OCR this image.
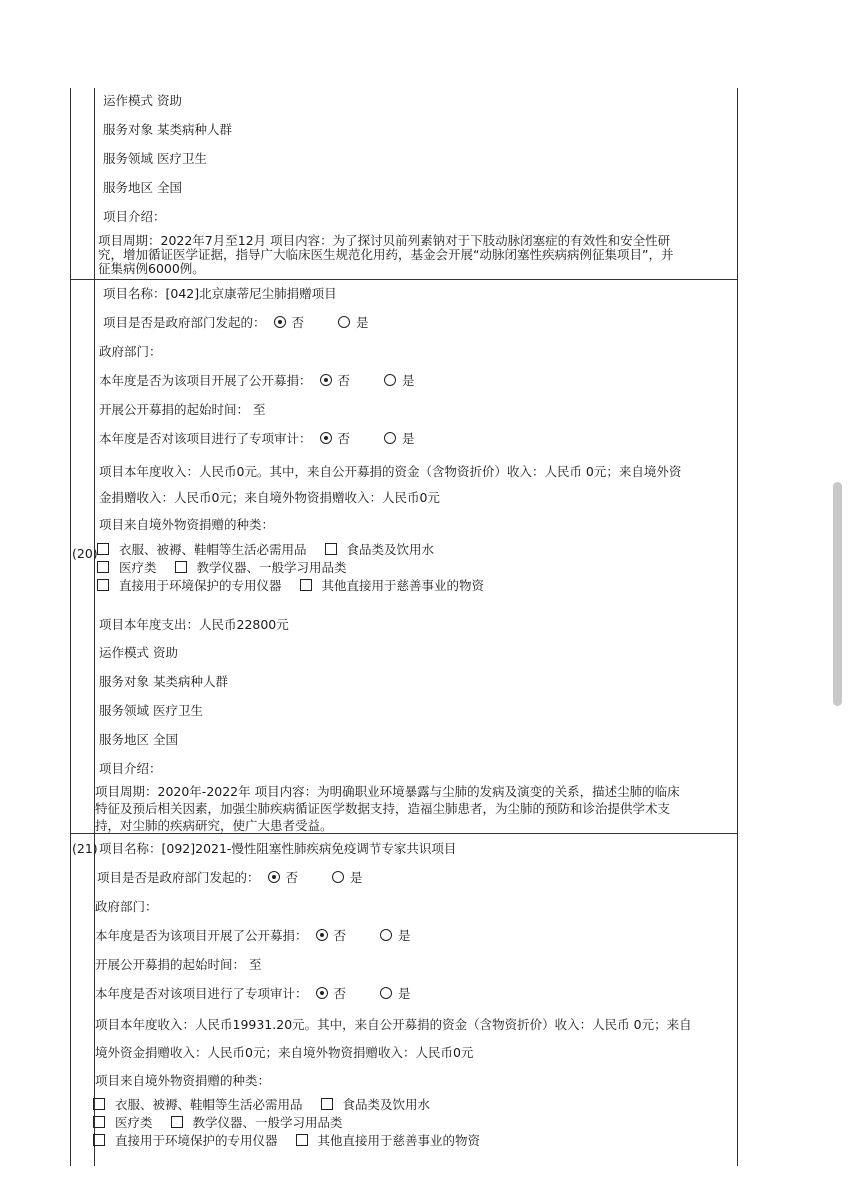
运作模式 资助
服务对象 某类病种人群
服务领域 医疗卫生
服务地区 全国
项目介绍：
项目周期：2022年7月至12月 项目内容：为了探讨贝前列素钠对于下肢动脉闭塞症的有效性和安全性研
究，增加循证医学证据，指导广大临床医生规范化用药，基金会开展“动脉闭塞性疾病病例征集项目”，并
征集病例6000例。
(20)
项目名称：[042]北京康蒂尼尘肺捐赠项目
项目是否是政府部门发起的： 否	是
政府部门：
本年度是否为该项目开展了公开募捐： 否	是
开展公开募捐的起始时间： 至
本年度是否对该项目进行了专项审计： 否	是
项目本年度收入：人民币0元。其中，来自公开募捐的资金（含物资折价）收入：人民币 0元；来自境外资
金捐赠收入：人民币0元；来自境外物资捐赠收入：人民币0元
项目来自境外物资捐赠的种类：
衣服、被褥、鞋帽等生活必需用品	食品类及饮用水
医疗类	教学仪器、一般学习用品类
直接用于环境保护的专用仪器	其他直接用于慈善事业的物资
项目本年度支出：人民币22800元
运作模式 资助
服务对象 某类病种人群
服务领域 医疗卫生
服务地区 全国
项目介绍：
项目周期：2020年-2022年 项目内容：为明确职业环境暴露与尘肺的发病及演变的关系，描述尘肺的临床
特征及预后相关因素，加强尘肺疾病循证医学数据支持，造福尘肺患者，为尘肺的预防和诊治提供学术支
持，对尘肺的疾病研究，使广大患者受益。
(21) 项目名称：[092]2021-慢性阻塞性肺疾病免疫调节专家共识项目
项目是否是政府部门发起的： 否	是
政府部门：
本年度是否为该项目开展了公开募捐： 否	是
开展公开募捐的起始时间： 至
本年度是否对该项目进行了专项审计： 否	是
项目本年度收入：人民币19931.20元。其中，来自公开募捐的资金（含物资折价）收入：人民币 0元；来自
境外资金捐赠收入：人民币0元；来自境外物资捐赠收入：人民币0元
项目来自境外物资捐赠的种类：
衣服、被褥、鞋帽等生活必需用品	食品类及饮用水
医疗类	教学仪器、一般学习用品类
直接用于环境保护的专用仪器	其他直接用于慈善事业的物资
